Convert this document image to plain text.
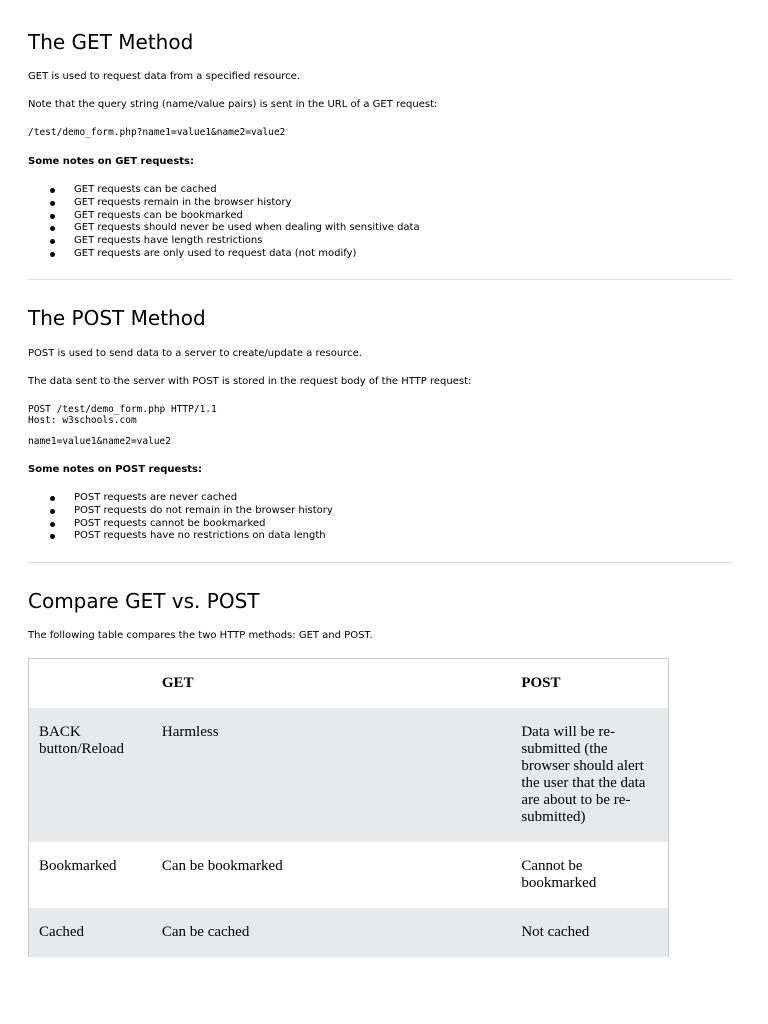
The GET Method

GET is used to request data from a specified resource.

Note that the query string (name/value pairs) is sent in the URL of a GET request:

/test/demo_form.php?name1=value1&name2=value2

Some notes on GET requests:

GET requests can be cached
GET requests remain in the browser history
GET requests can be bookmarked
GET requests should never be used when dealing with sensitive data
GET requests have length restrictions
GET requests are only used to request data (not modify)
The POST Method

POST is used to send data to a server to create/update a resource.

The data sent to the server with POST is stored in the request body of the HTTP request:

POST /test/demo_form.php HTTP/1.1
Host: w3schools.com
name1=value1&name2=value2

Some notes on POST requests:

POST requests are never cached
POST requests do not remain in the browser history
POST requests cannot be bookmarked
POST requests have no restrictions on data length
Compare GET vs. POST

The following table compares the two HTTP methods: GET and POST.

	GET	POST
BACK button/Reload	Harmless	Data will be re-submitted (the browser should alert the user that the data are about to be re-submitted)
Bookmarked	Can be bookmarked	Cannot be bookmarked
Cached	Can be cached	Not cached
